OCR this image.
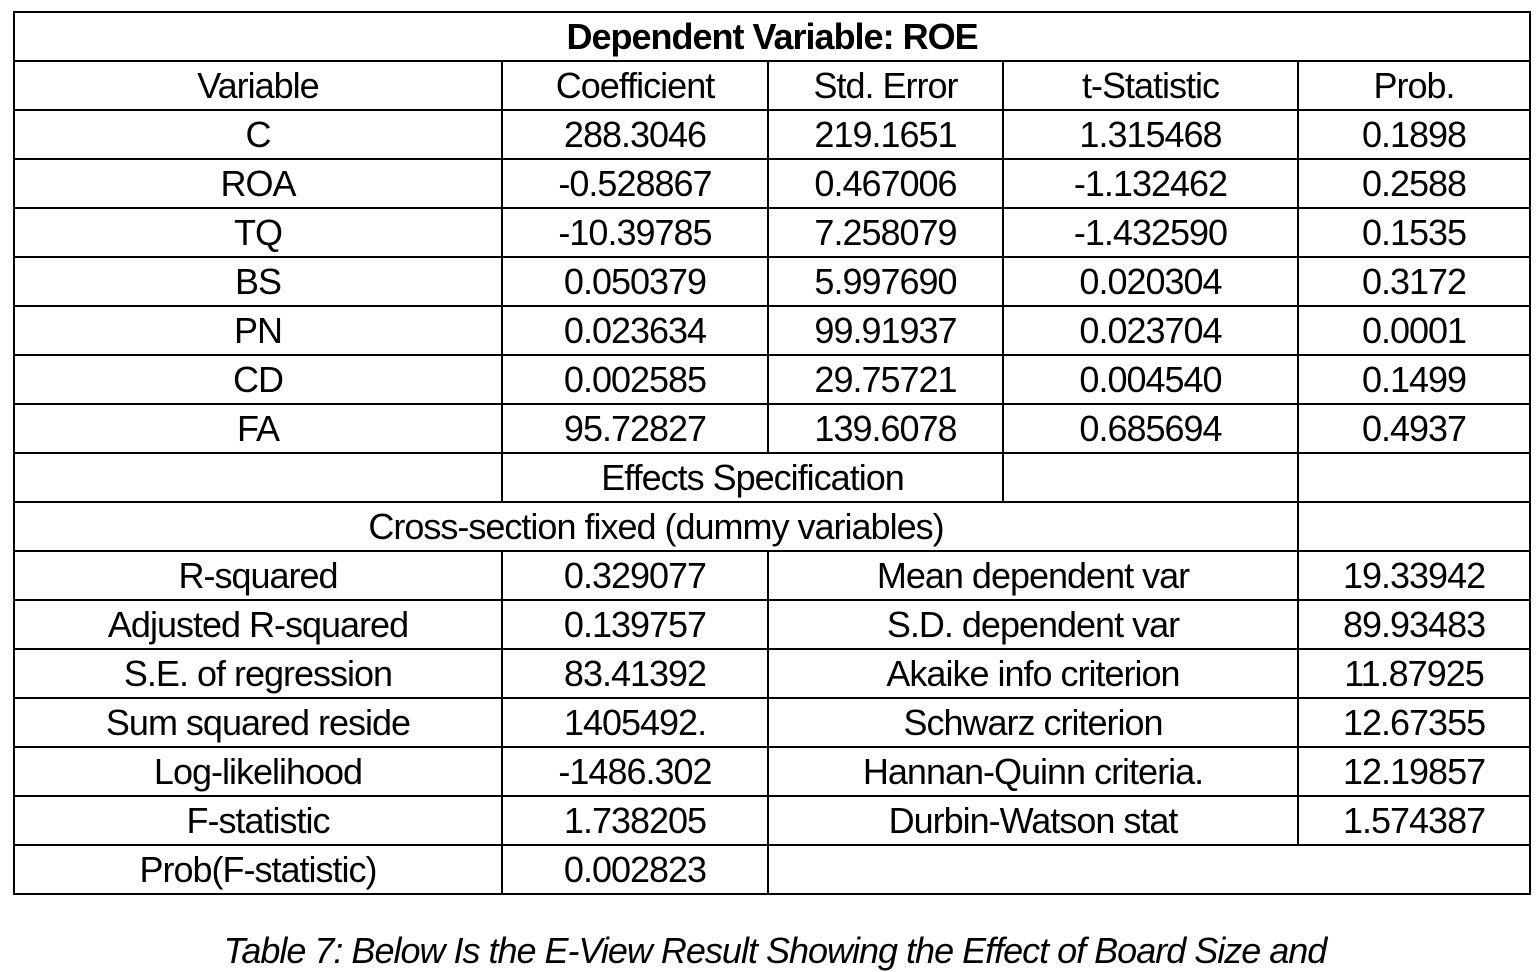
Dependent Variable: ROE				
Variable	Coefficient	Std. Error	t-Statistic	Prob.
C	288.3046	219.1651	1.315468	0.1898
ROA	-0.528867	0.467006	-1.132462	0.2588
TQ	-10.39785	7.258079	-1.432590	0.1535
BS	0.050379	5.997690	0.020304	0.3172
PN	0.023634	99.91937	0.023704	0.0001
CD	0.002585	29.75721	0.004540	0.1499
FA	95.72827	139.6078	0.685694	0.4937
	Effects Specification			
Cross-section fixed (dummy variables)				
R-squared	0.329077	Mean dependent var		19.33942
Adjusted R-squared	0.139757	S.D. dependent var		89.93483
S.E. of regression	83.41392	Akaike info criterion		11.87925
Sum squared reside	1405492.	Schwarz criterion		12.67355
Log-likelihood	-1486.302	Hannan-Quinn criteria.		12.19857
F-statistic	1.738205	Durbin-Watson stat		1.574387
Prob(F-statistic)	0.002823			
Table 7: Below Is the E-View Result Showing the Effect of Board Size and
